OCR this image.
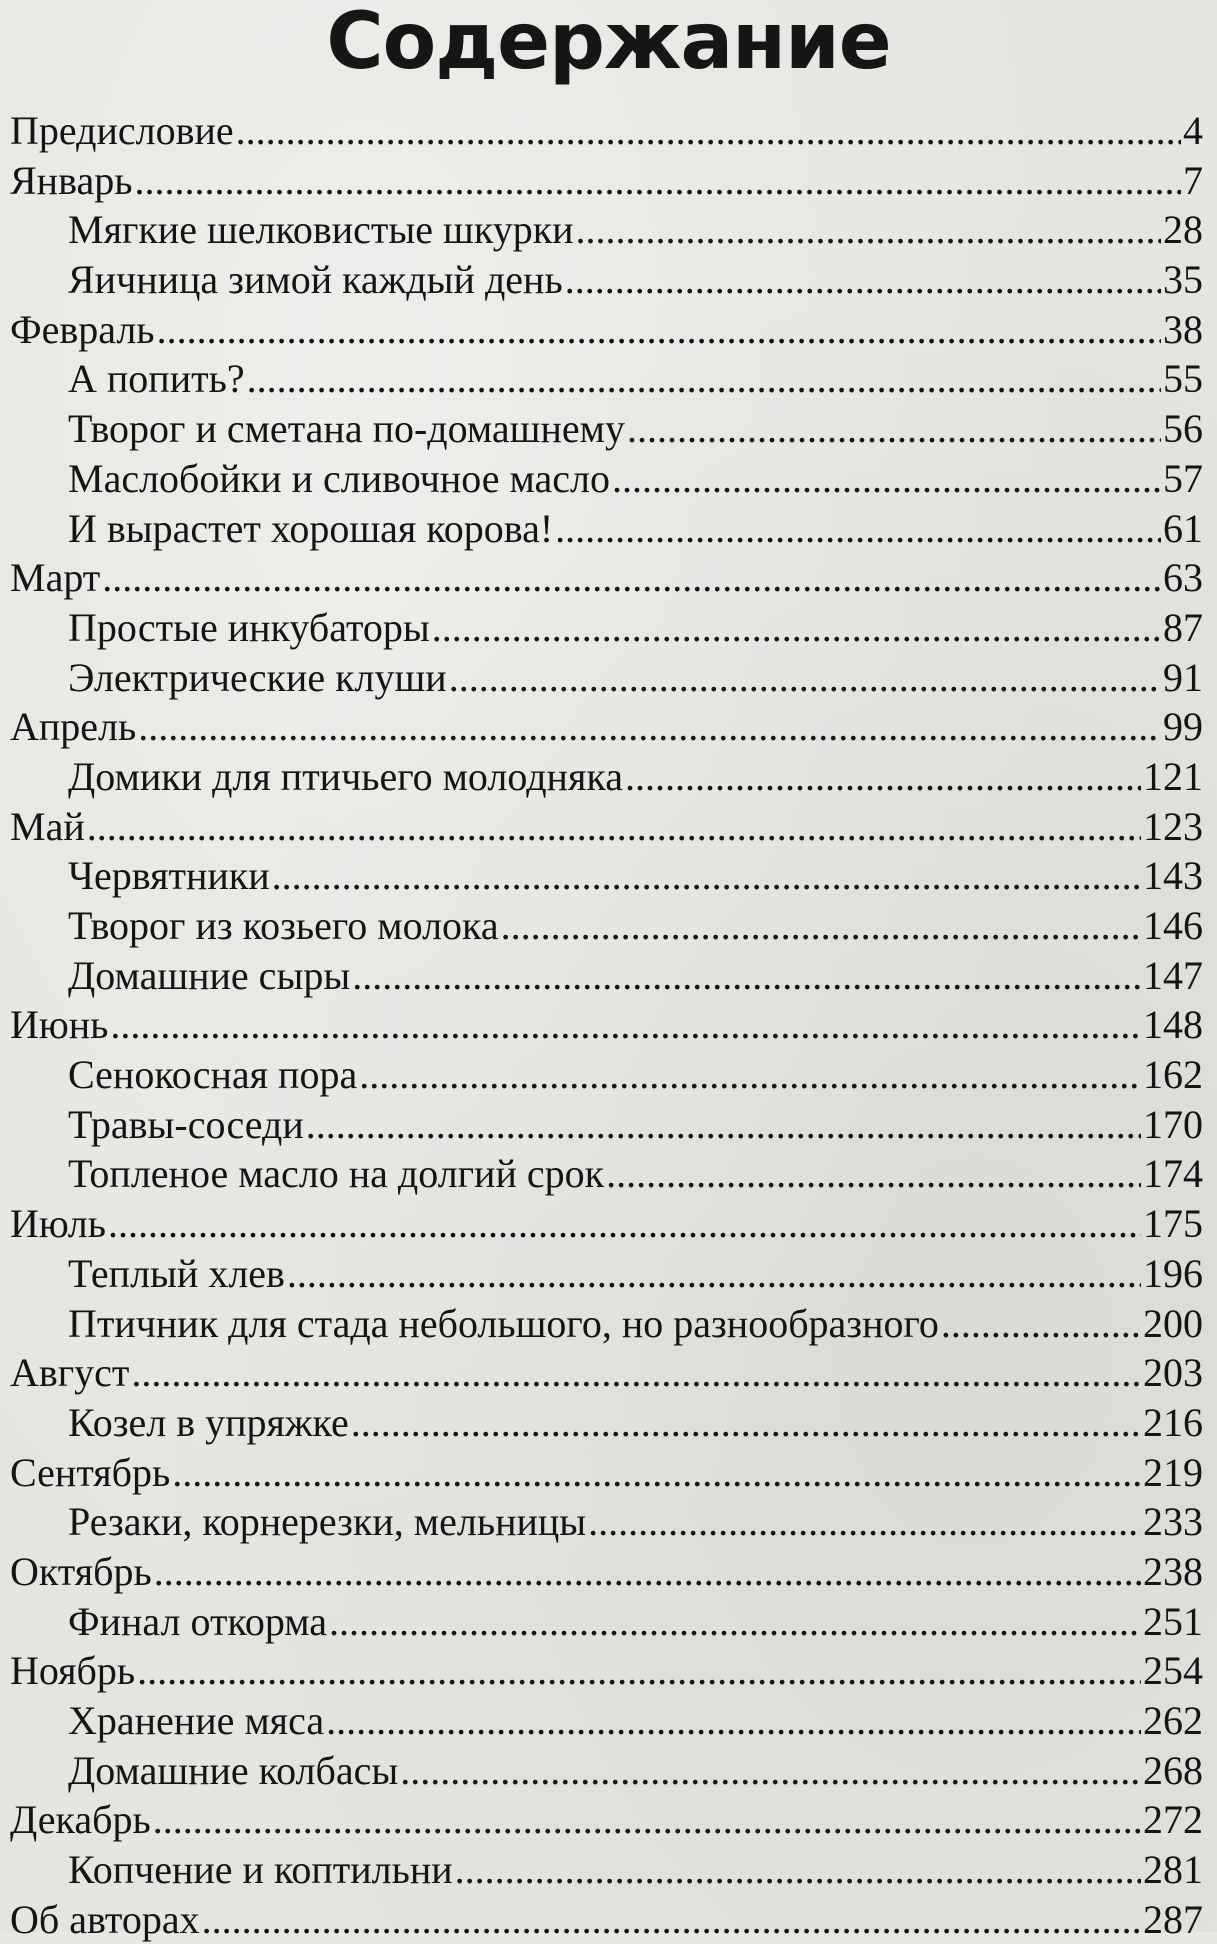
Содержание
Предисловие . . .	4
Январь . . .	7
Мягкие шелковистые шкурки . . .	28
Яичница зимой каждый день . . .	35
Февраль . . .	38
А попить? . . .	55
Творог и сметана по-домашнему . . .	56
Маслобойки и сливочное масло . . .	57
И вырастет хорошая корова! . . .	61
Март . . .	63
Простые инкубаторы . . .	87
Электрические клуши . . .	91
Апрель . . .	99
Домики для птичьего молодняка . . .	121
Май . . .	123
Червятники . . .	143
Творог из козьего молока . . .	146
Домашние сыры . . .	147
Июнь . . .	148
Сенокосная пора . . .	162
Травы-соседи . . .	170
Топленое масло на долгий срок . . .	174
Июль . . .	175
Теплый хлев . . .	196
Птичник для стада небольшого, но разнообразного . . .	200
Август . . .	203
Козел в упряжке . . .	216
Сентябрь . . .	219
Резаки, корнерезки, мельницы . . .	233
Октябрь . . .	238
Финал откорма . . .	251
Ноябрь . . .	254
Хранение мяса . . .	262
Домашние колбасы . . .	268
Декабрь . . .	272
Копчение и коптильни . . .	281
Об авторах . . .	287
